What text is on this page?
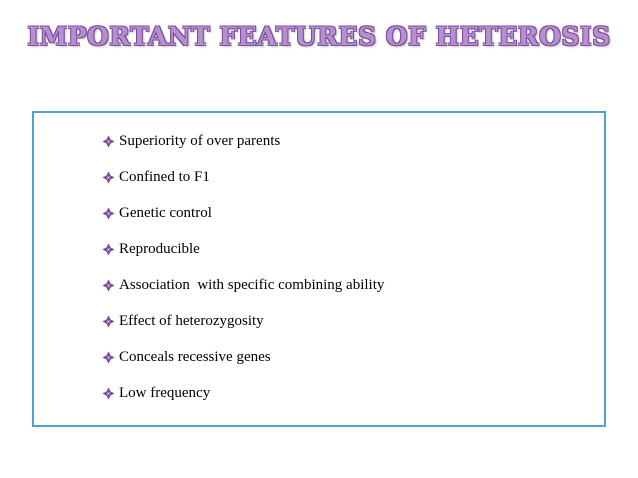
IMPORTANT FEATURES OF HETEROSIS
Superiority of over parents
Confined to F1
Genetic control
Reproducible
Association  with specific combining ability
Effect of heterozygosity
Conceals recessive genes
Low frequency
